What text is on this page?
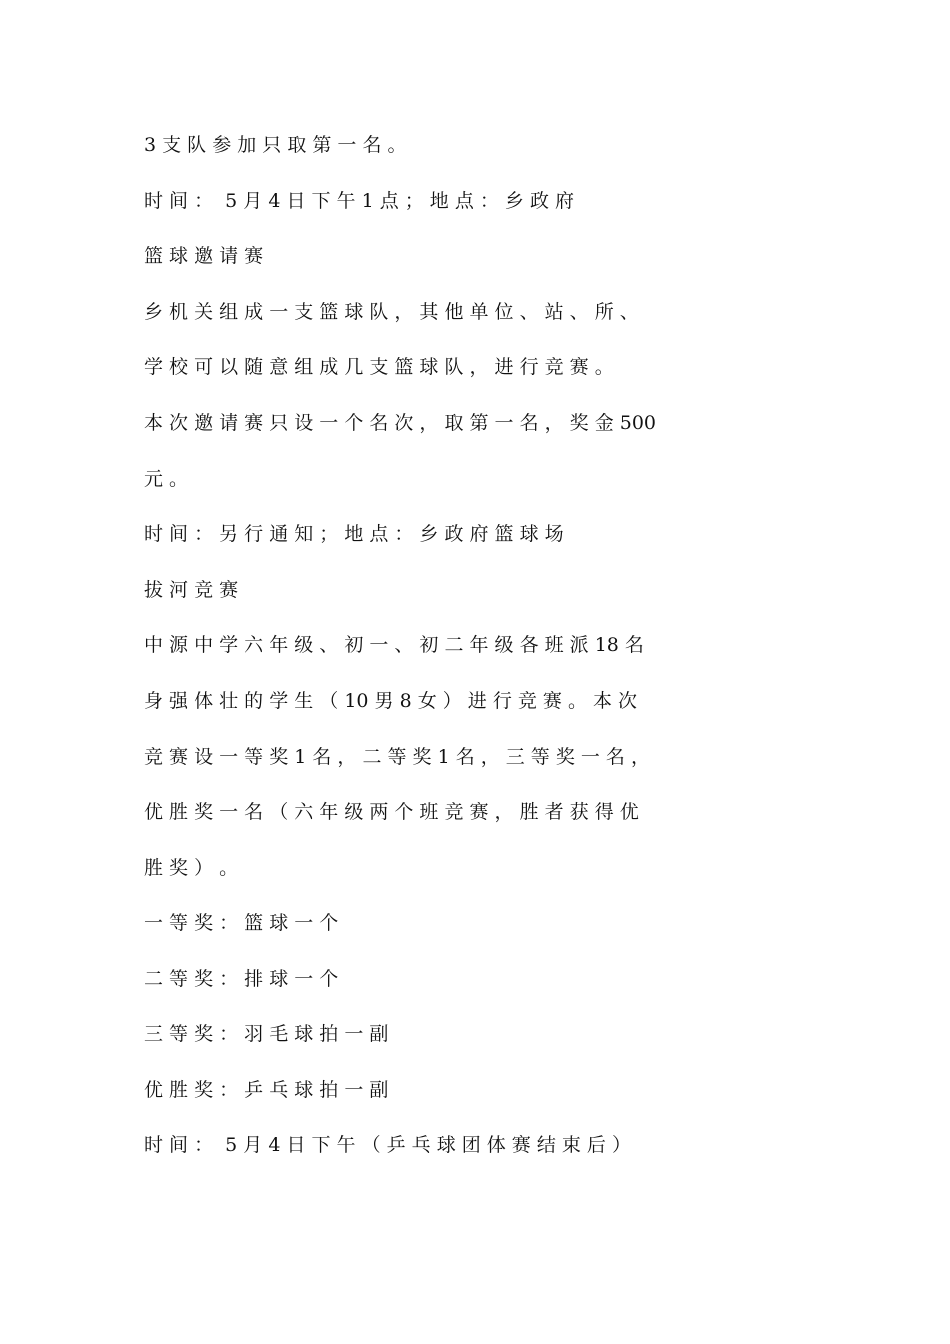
3 支 队 参 加 只 取 第 一 名 。
时 间 ：  5 月 4 日 下 午 1 点 ； 地 点 ： 乡 政 府
篮 球 邀 请 赛
乡 机 关 组 成 一 支 篮 球 队 ， 其 他 单 位 、 站 、 所 、
学 校 可 以 随 意 组 成 几 支 篮 球 队 ， 进 行 竞 赛 。
本 次 邀 请 赛 只 设 一 个 名 次 ， 取 第 一 名 ， 奖 金 500
元 。
时 间 ： 另 行 通 知 ； 地 点 ： 乡 政 府 篮 球 场
拔 河 竞 赛
中 源 中 学 六 年 级 、 初 一 、 初 二 年 级 各 班 派 18 名
身 强 体 壮 的 学 生 （ 10 男 8 女 ） 进 行 竞 赛 。 本 次
竞 赛 设 一 等 奖 1 名 ， 二 等 奖 1 名 ， 三 等 奖 一 名 ，
优 胜 奖 一 名 （ 六 年 级 两 个 班 竞 赛 ， 胜 者 获 得 优
胜 奖 ） 。
一 等 奖 ： 篮 球 一 个
二 等 奖 ： 排 球 一 个
三 等 奖 ： 羽 毛 球 拍 一 副
优 胜 奖 ： 乒 乓 球 拍 一 副
时 间 ：  5 月 4 日 下 午 （ 乒 乓 球 团 体 赛 结 束 后 ）
